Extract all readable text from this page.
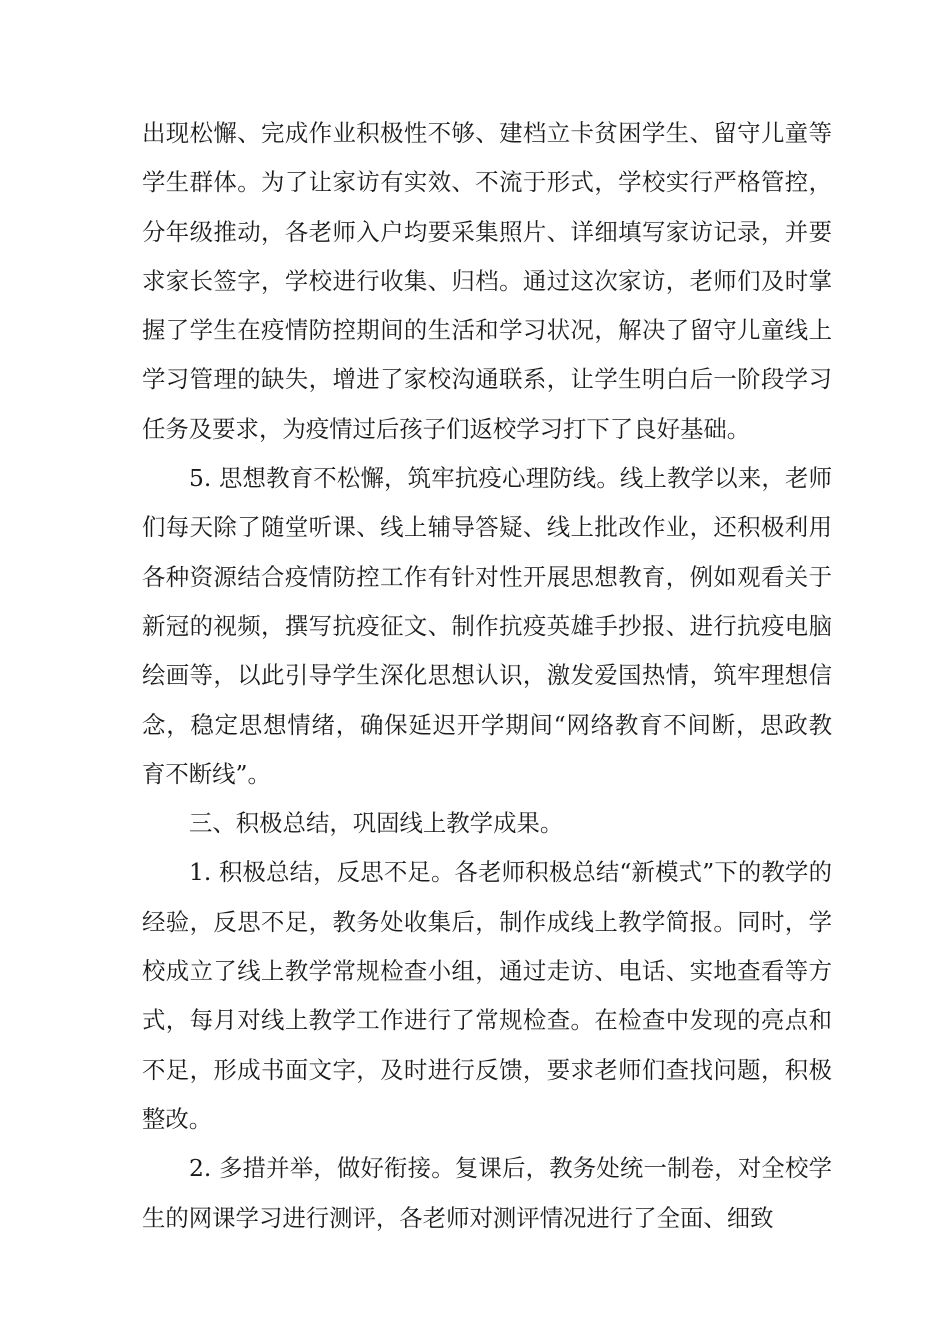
出现松懈、完成作业积极性不够、建档立卡贫困学生、留守儿童等学生群体。为了让家访有实效、不流于形式，学校实行严格管控，分年级推动，各老师入户均要采集照片、详细填写家访记录，并要求家长签字，学校进行收集、归档。通过这次家访，老师们及时掌握了学生在疫情防控期间的生活和学习状况，解决了留守儿童线上学习管理的缺失，增进了家校沟通联系，让学生明白后一阶段学习任务及要求，为疫情过后孩子们返校学习打下了良好基础。

5. 思想教育不松懈，筑牢抗疫心理防线。线上教学以来，老师们每天除了随堂听课、线上辅导答疑、线上批改作业，还积极利用各种资源结合疫情防控工作有针对性开展思想教育，例如观看关于新冠的视频，撰写抗疫征文、制作抗疫英雄手抄报、进行抗疫电脑绘画等，以此引导学生深化思想认识，激发爱国热情，筑牢理想信念，稳定思想情绪，确保延迟开学期间“网络教育不间断，思政教育不断线”。

三、积极总结，巩固线上教学成果。

1. 积极总结，反思不足。各老师积极总结“新模式”下的教学的经验，反思不足，教务处收集后，制作成线上教学简报。同时，学校成立了线上教学常规检查小组，通过走访、电话、实地查看等方式，每月对线上教学工作进行了常规检查。在检查中发现的亮点和不足，形成书面文字，及时进行反馈，要求老师们查找问题，积极整改。

2. 多措并举，做好衔接。复课后，教务处统一制卷，对全校学生的网课学习进行测评，各老师对测评情况进行了全面、细致
